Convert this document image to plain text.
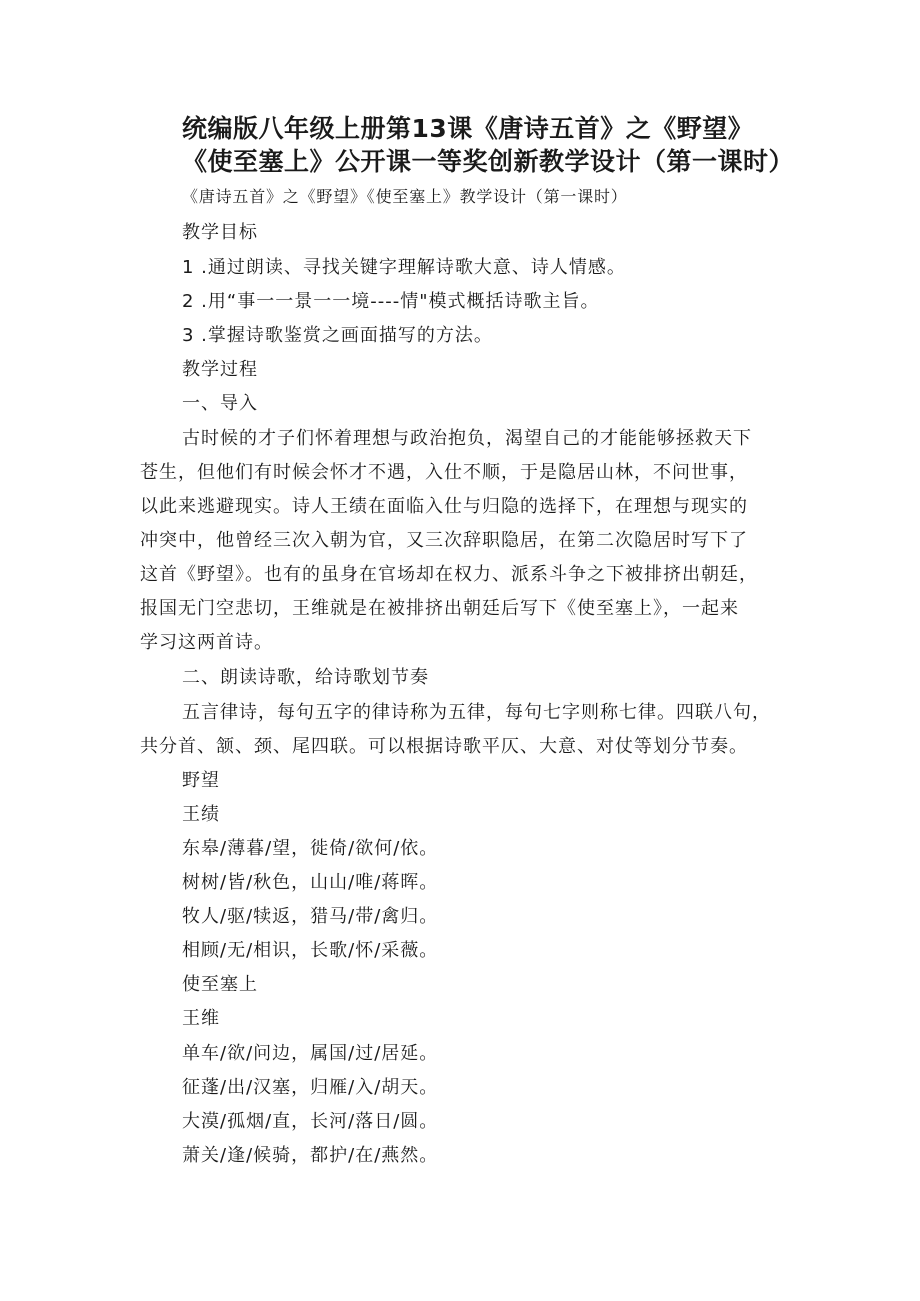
统编版八年级上册第13课《唐诗五首》之《野望》
《使至塞上》公开课一等奖创新教学设计（第一课时）
《唐诗五首》之《野望》《使至塞上》教学设计（第一课时）
教学目标
1 .通过朗读、寻找关键字理解诗歌大意、诗人情感。
2 .用“事一一景一一境----情"模式概括诗歌主旨。
3 .掌握诗歌鉴赏之画面描写的方法。
教学过程
一、导入
古时候的才子们怀着理想与政治抱负，渴望自己的才能能够拯救天下
苍生，但他们有时候会怀才不遇，入仕不顺，于是隐居山林，不问世事，
以此来逃避现实。诗人王绩在面临入仕与归隐的选择下，在理想与现实的
冲突中，他曾经三次入朝为官，又三次辞职隐居，在第二次隐居时写下了
这首《野望》。也有的虽身在官场却在权力、派系斗争之下被排挤出朝廷，
报国无门空悲切，王维就是在被排挤出朝廷后写下《使至塞上》，一起来
学习这两首诗。
二、朗读诗歌，给诗歌划节奏
五言律诗，每句五字的律诗称为五律，每句七字则称七律。四联八句，
共分首、颔、颈、尾四联。可以根据诗歌平仄、大意、对仗等划分节奏。
野望
王绩
东皋/薄暮/望，徙倚/欲何/依。
树树/皆/秋色，山山/唯/蒋晖。
牧人/驱/犊返，猎马/带/禽归。
相顾/无/相识，长歌/怀/采薇。
使至塞上
王维
单车/欲/问边，属国/过/居延。
征蓬/出/汉塞，归雁/入/胡天。
大漠/孤烟/直，长河/落日/圆。
萧关/逢/候骑，都护/在/燕然。
